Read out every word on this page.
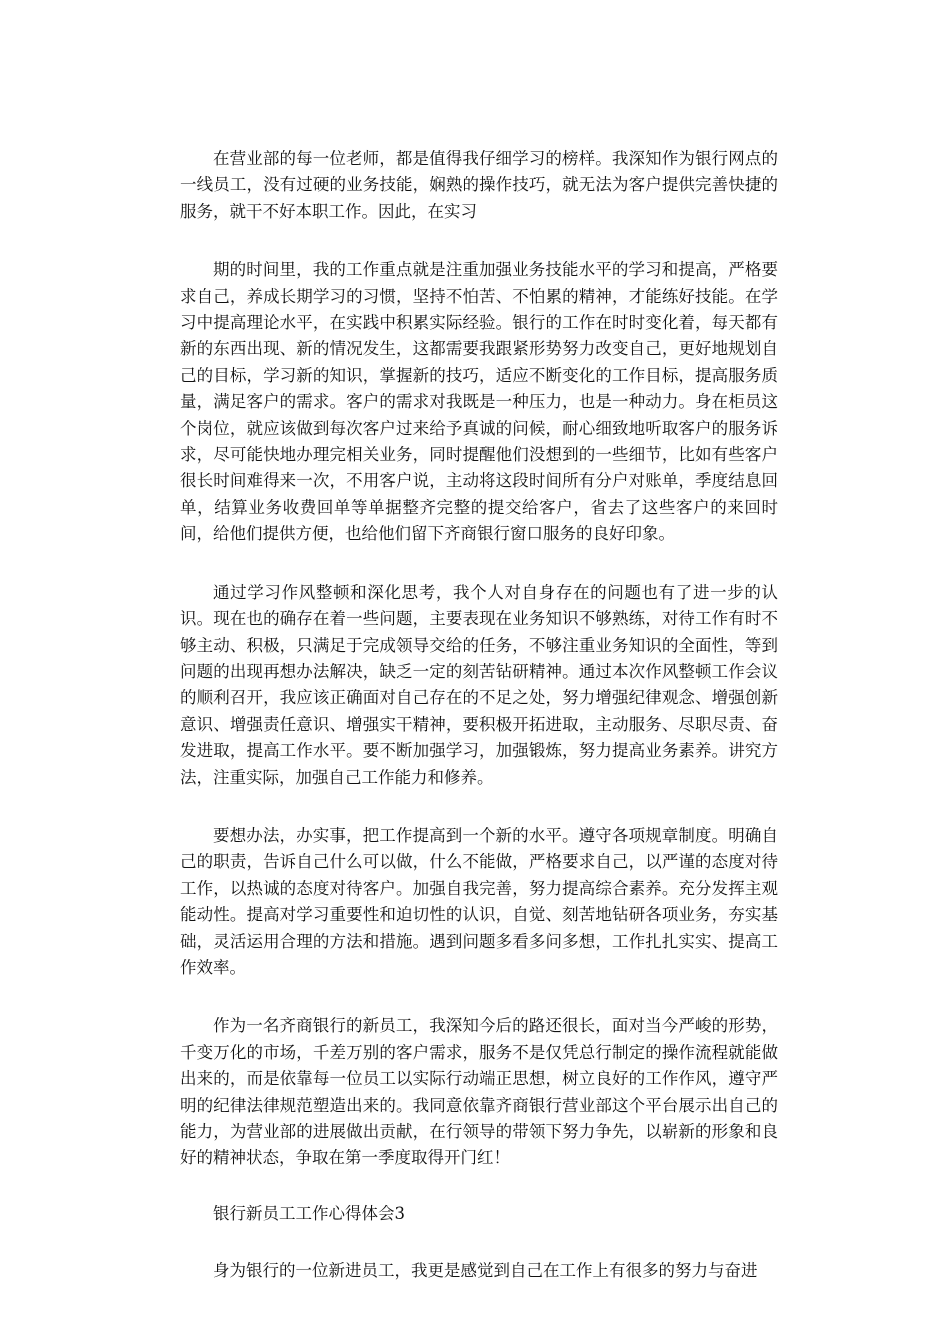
在营业部的每一位老师，都是值得我仔细学习的榜样。我深知作为银行网点的一线员工，没有过硬的业务技能，娴熟的操作技巧，就无法为客户提供完善快捷的服务，就干不好本职工作。因此，在实习

期的时间里，我的工作重点就是注重加强业务技能水平的学习和提高，严格要求自己，养成长期学习的习惯，坚持不怕苦、不怕累的精神，才能练好技能。在学习中提高理论水平，在实践中积累实际经验。银行的工作在时时变化着，每天都有新的东西出现、新的情况发生，这都需要我跟紧形势努力改变自己，更好地规划自己的目标，学习新的知识，掌握新的技巧，适应不断变化的工作目标，提高服务质量，满足客户的需求。客户的需求对我既是一种压力，也是一种动力。身在柜员这个岗位，就应该做到每次客户过来给予真诚的问候，耐心细致地听取客户的服务诉求，尽可能快地办理完相关业务，同时提醒他们没想到的一些细节，比如有些客户很长时间难得来一次，不用客户说，主动将这段时间所有分户对账单，季度结息回单，结算业务收费回单等单据整齐完整的提交给客户，省去了这些客户的来回时间，给他们提供方便，也给他们留下齐商银行窗口服务的良好印象。

通过学习作风整顿和深化思考，我个人对自身存在的问题也有了进一步的认识。现在也的确存在着一些问题，主要表现在业务知识不够熟练，对待工作有时不够主动、积极，只满足于完成领导交给的任务，不够注重业务知识的全面性，等到问题的出现再想办法解决，缺乏一定的刻苦钻研精神。通过本次作风整顿工作会议的顺利召开，我应该正确面对自己存在的不足之处，努力增强纪律观念、增强创新意识、增强责任意识、增强实干精神，要积极开拓进取，主动服务、尽职尽责、奋发进取，提高工作水平。要不断加强学习，加强锻炼，努力提高业务素养。讲究方法，注重实际，加强自己工作能力和修养。

要想办法，办实事，把工作提高到一个新的水平。遵守各项规章制度。明确自己的职责，告诉自己什么可以做，什么不能做，严格要求自己，以严谨的态度对待工作，以热诚的态度对待客户。加强自我完善，努力提高综合素养。充分发挥主观能动性。提高对学习重要性和迫切性的认识，自觉、刻苦地钻研各项业务，夯实基础，灵活运用合理的方法和措施。遇到问题多看多问多想，工作扎扎实实、提高工作效率。

作为一名齐商银行的新员工，我深知今后的路还很长，面对当今严峻的形势，千变万化的市场，千差万别的客户需求，服务不是仅凭总行制定的操作流程就能做出来的，而是依靠每一位员工以实际行动端正思想，树立良好的工作作风，遵守严明的纪律法律规范塑造出来的。我同意依靠齐商银行营业部这个平台展示出自己的能力，为营业部的进展做出贡献，在行领导的带领下努力争先，以崭新的形象和良好的精神状态，争取在第一季度取得开门红！

银行新员工工作心得体会3

身为银行的一位新进员工，我更是感觉到自己在工作上有很多的努力与奋进
